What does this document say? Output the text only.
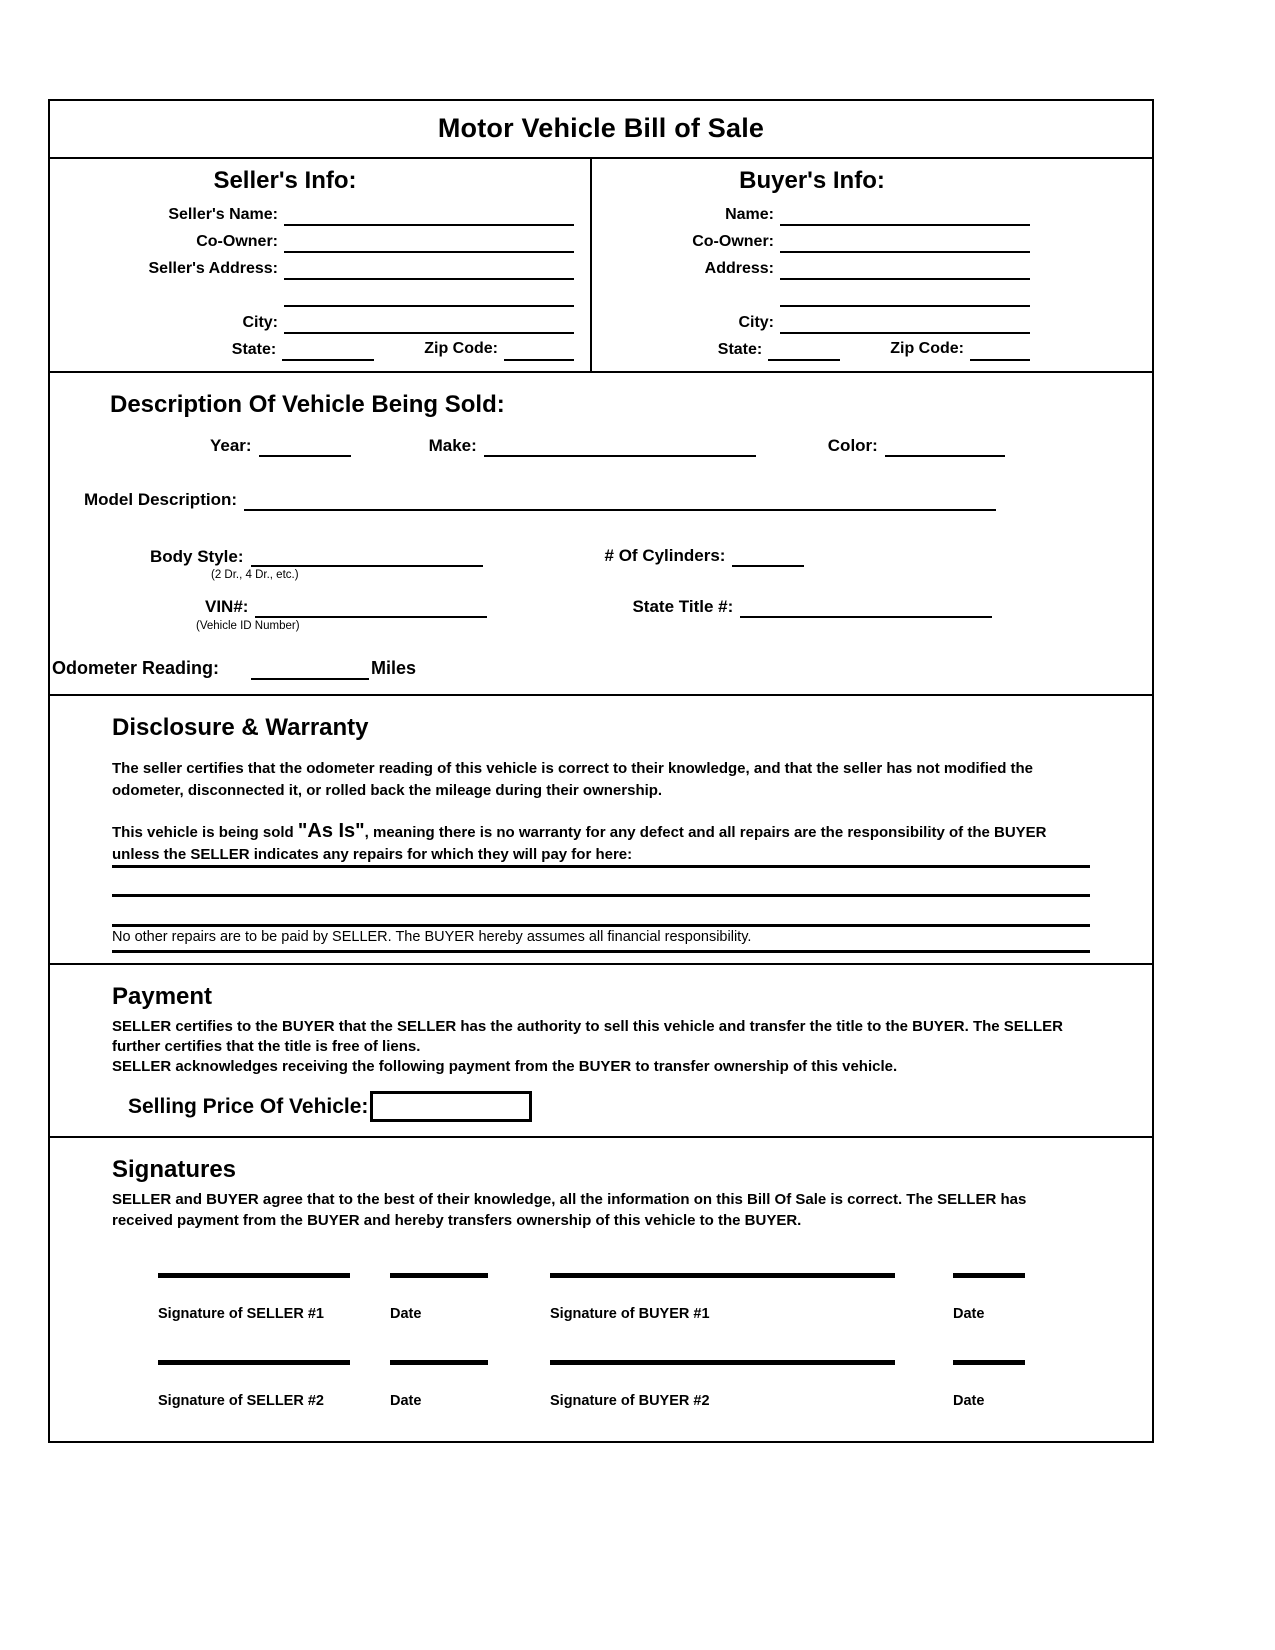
Motor Vehicle Bill of Sale
Seller's Info:
Seller's Name:
Co-Owner:
Seller's Address:
City:
State:	Zip Code:
Buyer's Info:
Name:
Co-Owner:
Address:
City:
State:	Zip Code:
Description Of Vehicle Being Sold:
Year:	Make:	Color:
Model Description:
Body Style:	# Of Cylinders:
(2 Dr., 4 Dr., etc.)
VIN#:	State Title #:
(Vehicle ID Number)
Odometer Reading:	Miles
Disclosure & Warranty
The seller certifies that the odometer reading of this vehicle is correct to their knowledge, and that the seller has not modified the odometer, disconnected it, or rolled back the mileage during their ownership.
This vehicle is being sold "As Is", meaning there is no warranty for any defect and all repairs are the responsibility of the BUYER
unless the SELLER indicates any repairs for which they will pay for here:
No other repairs are to be paid by SELLER. The BUYER hereby assumes all financial responsibility.
Payment
SELLER certifies to the BUYER that the SELLER has the authority to sell this vehicle and transfer the title to the BUYER. The SELLER further certifies that the title is free of liens.
SELLER acknowledges receiving the following payment from the BUYER to transfer ownership of this vehicle.
Selling Price Of Vehicle:
Signatures
SELLER and BUYER agree that to the best of their knowledge, all the information on this Bill Of Sale is correct. The SELLER has received payment from the BUYER and hereby transfers ownership of this vehicle to the BUYER.
Signature of SELLER #1	Date	Signature of BUYER #1	Date
Signature of SELLER #2	Date	Signature of BUYER #2	Date
